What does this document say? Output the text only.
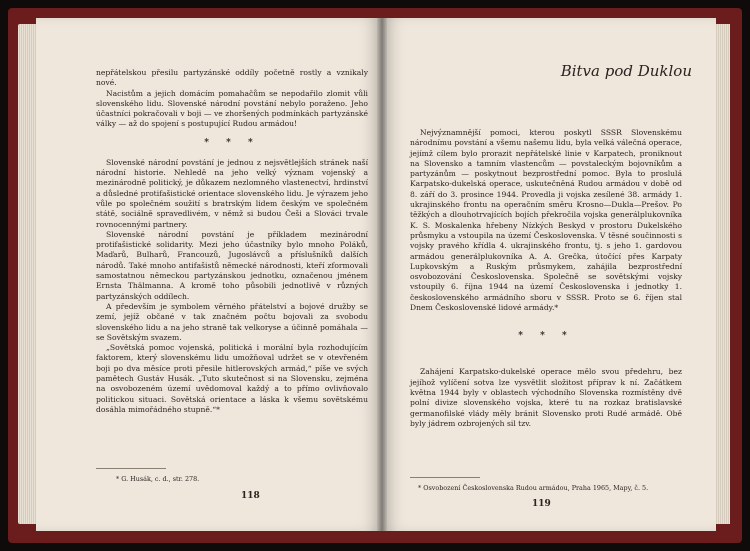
nepřátelskou přesilu partyzánské oddíly početně rostly a vznikaly nové.

Nacistům a jejich domácím pomahačům se nepodařilo zlomit vůli slovenského lidu. Slovenské národní povstání nebylo poraženo. Jeho účastníci pokračovali v boji — ve zhoršených podmínkách partyzánské války — až do spojení s postupující Rudou armádou!

* * *

Slovenské národní povstání je jednou z nejsvětlejších stránek naší národní historie. Nehledě na jeho velký význam vojenský a mezinárodně politický, je důkazem nezlomného vlastenectví, hrdinství a důsledné protifašistické orientace slovenského lidu. Je výrazem jeho vůle po společném soužití s bratrským lidem českým ve společném státě, sociálně spravedlivém, v němž si budou Češi a Slováci trvale rovnocennými partnery.

Slovenské národní povstání je příkladem mezinárodní protifašistické solidarity. Mezi jeho účastníky bylo mnoho Poláků, Maďarů, Bulharů, Francouzů, Jugoslávců a příslušníků dalších národů. Také mnoho antifašistů německé národnosti, kteří zformovali samostatnou německou partyzánskou jednotku, označenou jménem Ernsta Thälmanna. A kromě toho působili jednotlivě v různých partyzánských oddílech.

A především je symbolem věrného přátelství a bojové družby se zemí, jejíž občané v tak značném počtu bojovali za svobodu slovenského lidu a na jeho straně tak velkoryse a účinně pomáhala — se Sovětským svazem.

„Sovětská pomoc vojenská, politická i morální byla rozhodujícím faktorem, který slovenskému lidu umožňoval udržet se v otevřeném boji po dva měsíce proti přesile hitlerovských armád,“ píše ve svých pamětech Gustáv Husák. „Tuto skutečnost si na Slovensku, zejména na osvobozeném území uvědomoval každý a to přímo ovlivňovalo politickou situaci. Sovětská orientace a láska k všemu sovětskému dosáhla mimořádného stupně.“*

* G. Husák, c. d., str. 278.
118
Bitva pod Duklou

Nejvýznamnější pomoci, kterou poskytl SSSR Slovenskému národnímu povstání a všemu našemu lidu, byla velká válečná operace, jejímž cílem bylo prorazit nepřátelské linie v Karpatech, proniknout na Slovensko a tamním vlastencům — povstaleckým bojovníkům a partyzánům — poskytnout bezprostřední pomoc. Byla to proslulá Karpatsko-dukelská operace, uskutečněná Rudou armádou v době od 8. září do 3. prosince 1944. Provedla ji vojska zesílené 38. armády 1. ukrajinského frontu na operačním směru Krosno—Dukla—Prešov. Po těžkých a dlouhotrvajících bojích překročila vojska generálplukovníka K. S. Moskalenka hřebeny Nízkých Beskyd v prostoru Dukelského průsmyku a vstoupila na území Československa. V těsné součinnosti s vojsky pravého křídla 4. ukrajinského frontu, tj. s jeho 1. gardovou armádou generálplukovníka A. A. Grečka, útočící přes Karpaty Lupkovským a Ruským průsmykem, zahájila bezprostřední osvobozování Československa. Společně se sovětskými vojsky vstoupily 6. října 1944 na území Československa i jednotky 1. československého armádního sboru v SSSR. Proto se 6. říjen stal Dnem Československé lidové armády.*

* * *

Zahájení Karpatsko-dukelské operace mělo svou předehru, bez jejíhož vylíčení sotva lze vysvětlit složitost příprav k ní. Začátkem května 1944 byly v oblastech východního Slovenska rozmístěny dvě polní divize slovenského vojska, které tu na rozkaz bratislavské germanofilské vlády měly bránit Slovensko proti Rudé armádě. Obě byly jádrem ozbrojených sil tzv.

* Osvobození Československa Rudou armádou, Praha 1965, Mapy, č. 5.
119
